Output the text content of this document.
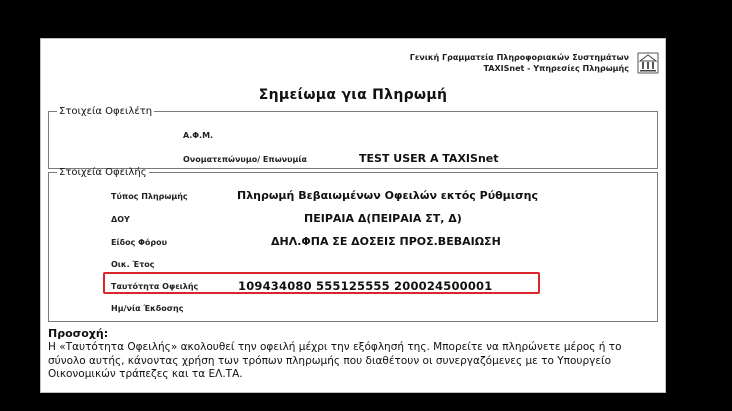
Γενική Γραμματεία Πληροφοριακών Συστημάτων
TAXISnet - Υπηρεσίες Πληρωμής
Σημείωμα για Πληρωμή
Στοιχεία Οφειλέτη
Α.Φ.Μ.
Ονοματεπώνυμο/ Επωνυμία	TEST USER A TAXISnet
Στοιχεία Οφειλής
Τύπος Πληρωμής	Πληρωμή Βεβαιωμένων Οφειλών εκτός Ρύθμισης
ΔΟΥ	ΠΕΙΡΑΙΑ Δ(ΠΕΙΡΑΙΑ ΣΤ, Δ)
Είδος Φόρου	ΔΗΛ.ΦΠΑ ΣΕ ΔΟΣΕΙΣ ΠΡΟΣ.ΒΕΒΑΙΩΣΗ
Οικ. Έτος
Ταυτότητα Οφειλής	109434080 555125555 200024500001
Ημ/νία Έκδοσης
Προσοχή:
Η «Ταυτότητα Οφειλής» ακολουθεί την οφειλή μέχρι την εξόφλησή της. Μπορείτε να πληρώνετε μέρος ή το σύνολο αυτής, κάνοντας χρήση των τρόπων πληρωμής που διαθέτουν οι συνεργαζόμενες με το Υπουργείο Οικονομικών τράπεζες και τα ΕΛ.ΤΑ.
